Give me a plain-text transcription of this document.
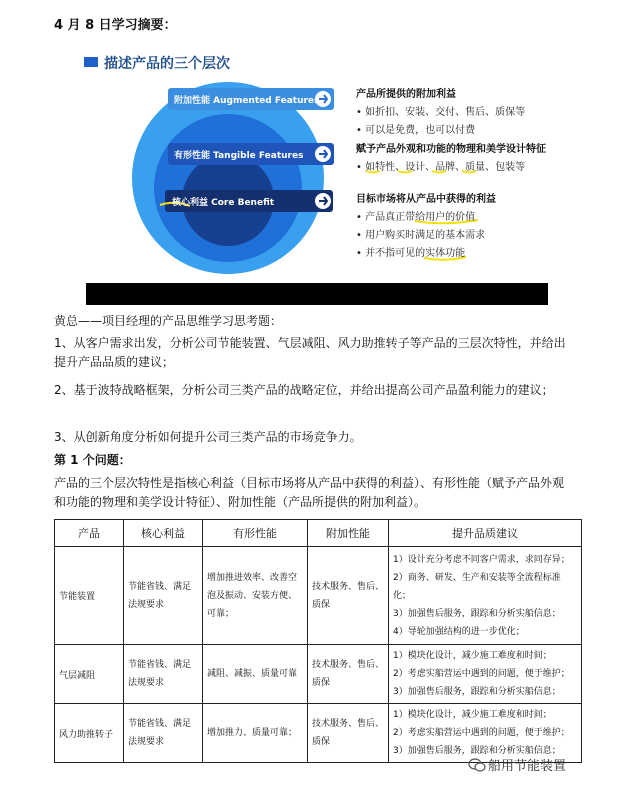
4 月 8 日学习摘要：
描述产品的三个层次
附加性能 Augmented Features
有形性能 Tangible Features
核心利益 Core Benefit
产品所提供的附加利益
• 如折扣、安装、交付、售后、质保等
• 可以是免费，也可以付费
赋予产品外观和功能的物理和美学设计特征
• 如特性、设计、品牌、质量、包装等
目标市场将从产品中获得的利益
• 产品真正带给用户的价值
• 用户购买时满足的基本需求
• 并不指可见的实体功能
黄总——项目经理的产品思维学习思考题：
1、从客户需求出发，分析公司节能装置、气层减阻、风力助推转子等产品的三层次特性，并给出提升产品品质的建议；
2、基于波特战略框架，分析公司三类产品的战略定位，并给出提高公司产品盈利能力的建议；
3、从创新角度分析如何提升公司三类产品的市场竞争力。
第 1 个问题：
产品的三个层次特性是指核心利益（目标市场将从产品中获得的利益）、有形性能（赋予产品外观和功能的物理和美学设计特征）、附加性能（产品所提供的附加利益）。
产品	核心利益	有形性能	附加性能	提升品质建议
节能装置	节能省钱、满足法规要求	增加推进效率、改善空泡及振动、安装方便、可靠；	技术服务、售后、质保	1）设计充分考虑不同客户需求，求同存异；
2）商务、研发、生产和安装等全流程标准化；
3）加强售后服务，跟踪和分析实船信息；
4）导轮加强结构的进一步优化；

气层减阻	节能省钱、满足法规要求	减阻、减振、质量可靠	技术服务、售后、质保	1）模块化设计，减少施工难度和时间；
2）考虑实船营运中遇到的问题，便于维护；
3）加强售后服务，跟踪和分析实船信息；

风力助推转子	节能省钱、满足法规要求	增加推力、质量可靠；	技术服务、售后、质保	1）模块化设计，减少施工难度和时间；
2）考虑实船营运中遇到的问题，便于维护；
3）加强售后服务，跟踪和分析实船信息；
船用节能装置
